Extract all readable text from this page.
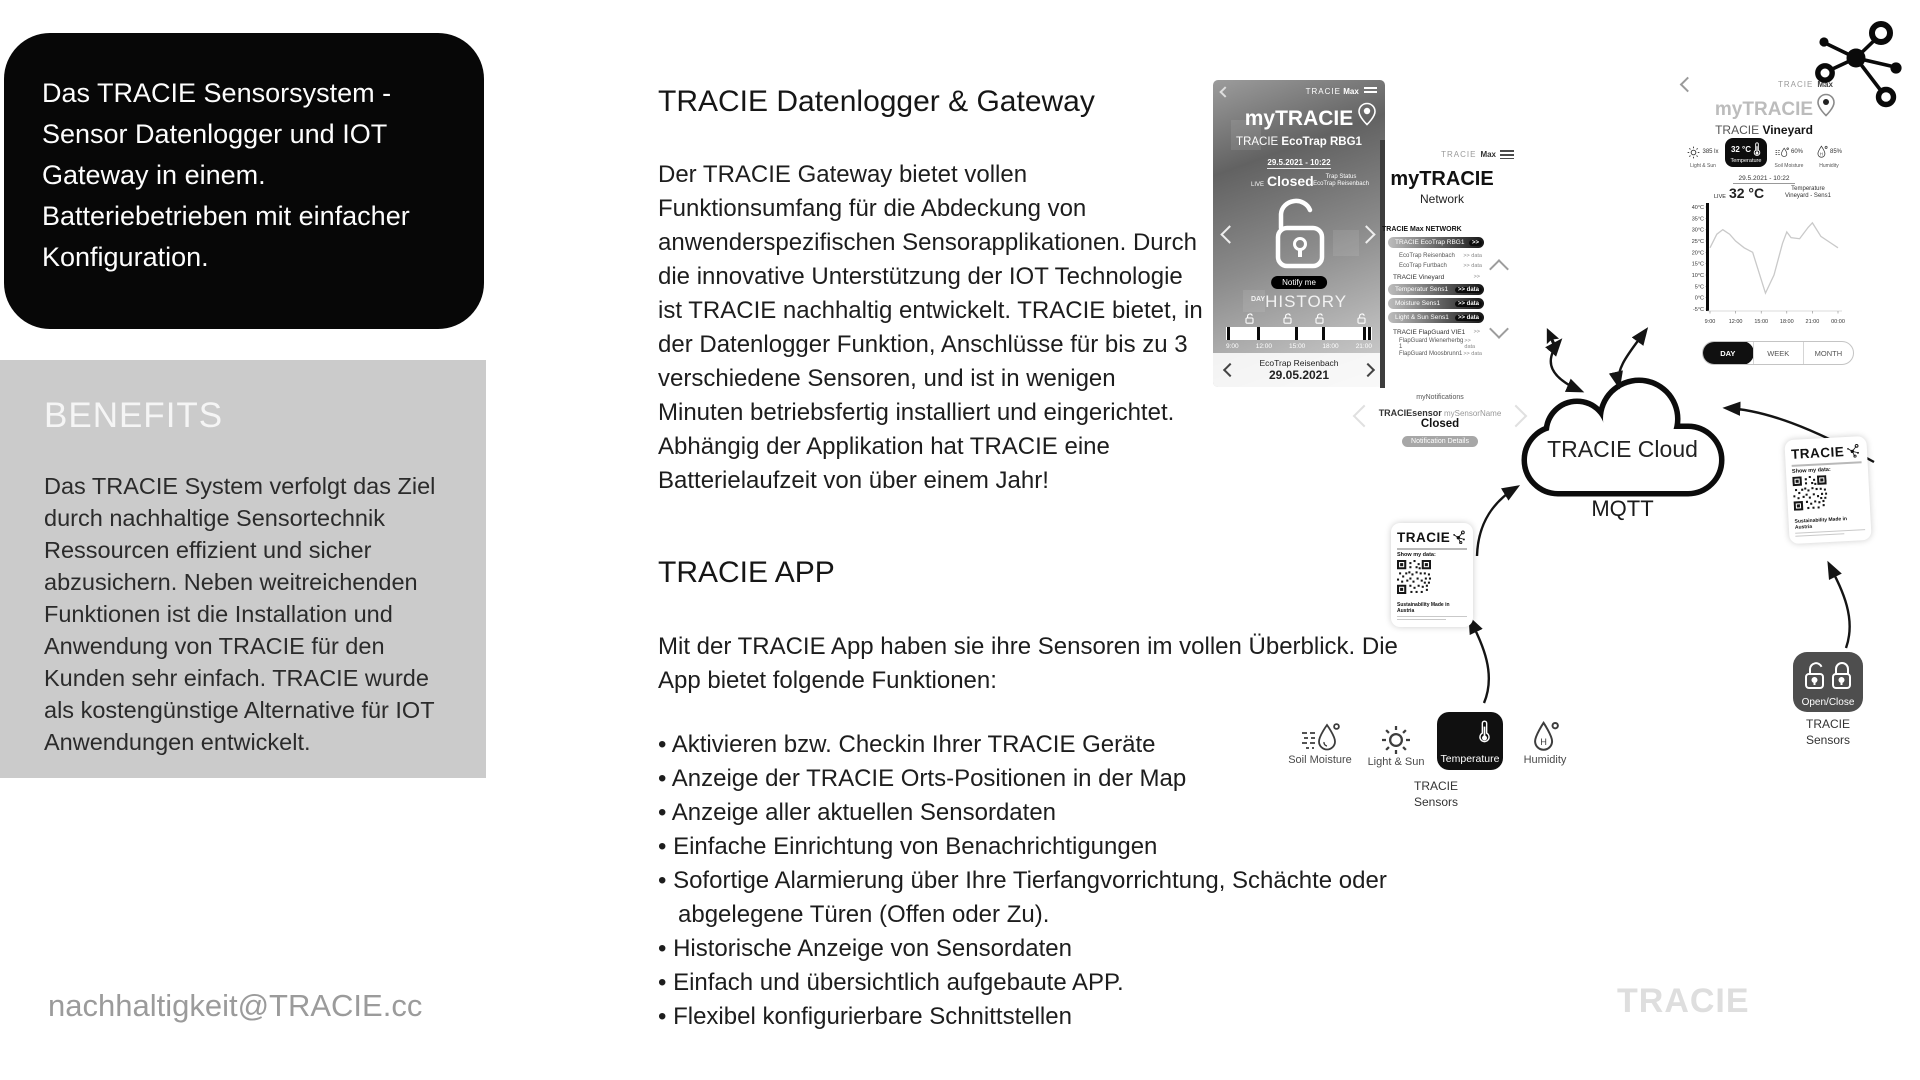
Das TRACIE Sensorsystem - Sensor Datenlogger und IOT Gateway in einem. Batteriebetrieben mit einfacher Konfiguration.
BENEFITS
Das TRACIE System verfolgt das Ziel durch nachhaltige Sensortechnik Ressourcen effizient und sicher abzusichern. Neben weitreichenden Funktionen ist die Installation und Anwendung von TRACIE für den Kunden sehr einfach. TRACIE wurde als kostengünstige Alternative für IOT Anwendungen entwickelt.
nachhaltigkeit@TRACIE.cc
TRACIE Datenlogger & Gateway
Der TRACIE Gateway bietet vollen Funktionsumfang für die Abdeckung von anwenderspezifischen Sensorapplikationen. Durch die innovative Unterstützung der IOT Technologie ist TRACIE nachhaltig entwickelt. TRACIE bietet, in der Datenlogger Funktion, Anschlüsse für bis zu 3 verschiedene Sensoren, und ist in wenigen Minuten betriebsfertig installiert und eingerichtet. Abhängig der Applikation hat TRACIE eine Batterielaufzeit von über einem Jahr!
TRACIE APP
Mit der TRACIE App haben sie ihre Sensoren im vollen Überblick. Die App bietet folgende Funktionen:
• Aktivieren bzw. Checkin Ihrer TRACIE Geräte
• Anzeige der TRACIE Orts-Positionen in der Map
• Anzeige aller aktuellen Sensordaten
• Einfache Einrichtung von Benachrichtigungen
• Sofortige Alarmierung über Ihre Tierfangvorrichtung, Schächte oder abgelegene Türen (Offen oder Zu).
• Historische Anzeige von Sensordaten
• Einfach und übersichtlich aufgebaute APP.
• Flexibel konfigurierbare Schnittstellen	TRACIE
TRACIE Max
myTRACIE
TRACIE EcoTrap RBG1
29.5.2021 - 10:22
LIVE Closed	Trap Status
EcoTrap Reisenbach
Notify me
$^{DAY}$HISTORY
9:00	12:00	15:00	18:00	21:00
EcoTrap Reisenbach
29.05.2021
TRACIE Max
myTRACIE
Network
TRACIE Max NETWORK
TRACIE EcoTrap RBG1	>>
EcoTrap Reisenbach >> data
EcoTrap Furtbach	>> data
TRACIE Vineyard	>>
Temperatur Sens1	>> data
Moisture Sens1	>> data
Light & Sun Sens1	>> data
TRACIE FlapGuard VIE1 >>
FlapGuard Wienerherbg 1
>> data
FlapGuard Moosbrunn1 >> data
myNotifications
TRACIEsensor mySensorName
Closed
Notification Details
TRACIE Max
myTRACIE
TRACIE Vineyard
385 lx
Light & Sun
32 °C
Temperature
60%
Soil Moisture
H 85%
Humidity
29.5.2021 - 10:22
LIVE 32 °C	Temperature
Vineyard - Sens1
40°C
35°C
30°C
25°C
20°C
15°C
10°C
5°C
0°C
-5°C
9:00 12:00 15:00 18:00 21:00 00:00
DAY	WEEK	MONTH
TRACIE Cloud
MQTT
TRACIE
Show my data:
Sustainability Made in Austria
TRACIE
Show my data:
Sustainability Made in Austria
Soil Moisture	Light & Sun	Temperature
H
Humidity
TRACIE
Sensors
Open/Close
TRACIE
Sensors
